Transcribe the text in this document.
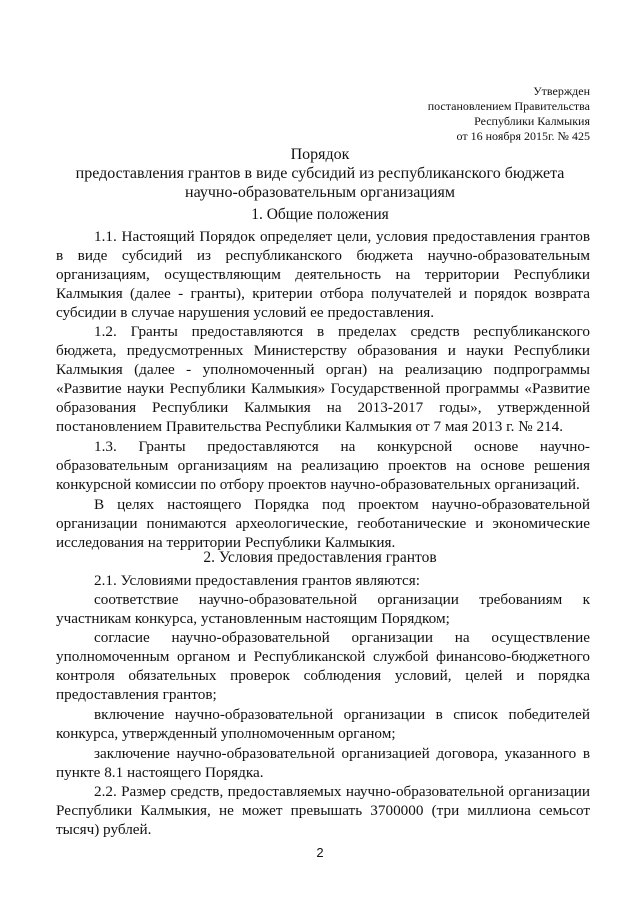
Утвержден
постановлением Правительства
Республики Калмыкия
от 16 ноября 2015г. № 425
Порядок
предоставления грантов в виде субсидий из республиканского бюджета
научно-образовательным организациям
1. Общие положения

1.1. Настоящий Порядок определяет цели, условия предоставления грантов в виде субсидий из республиканского бюджета научно-образовательным организациям, осуществляющим деятельность на территории Республики Калмыкия (далее - гранты), критерии отбора получателей и порядок возврата субсидии в случае нарушения условий ее предоставления.

1.2. Гранты предоставляются в пределах средств республиканского бюджета, предусмотренных Министерству образования и науки Республики Калмыкия (далее - уполномоченный орган) на реализацию подпрограммы «Развитие науки Республики Калмыкия» Государственной программы «Развитие образования Республики Калмыкия на 2013-2017 годы», утвержденной постановлением Правительства Республики Калмыкия от 7 мая 2013 г. № 214.

1.3. Гранты предоставляются на конкурсной основе научно-образовательным организациям на реализацию проектов на основе решения конкурсной комиссии по отбору проектов научно-образовательных организаций.

В целях настоящего Порядка под проектом научно-образовательной организации понимаются археологические, геоботанические и экономические исследования на территории Республики Калмыкия.

2. Условия предоставления грантов

2.1. Условиями предоставления грантов являются:

соответствие научно-образовательной организации требованиям к участникам конкурса, установленным настоящим Порядком;

согласие научно-образовательной организации на осуществление уполномоченным органом и Республиканской службой финансово-бюджетного контроля обязательных проверок соблюдения условий, целей и порядка предоставления грантов;

включение научно-образовательной организации в список победителей конкурса, утвержденный уполномоченным органом;

заключение научно-образовательной организацией договора, указанного в пункте 8.1 настоящего Порядка.

2.2. Размер средств, предоставляемых научно-образовательной организации Республики Калмыкия, не может превышать 3700000 (три миллиона семьсот тысяч) рублей.

2
